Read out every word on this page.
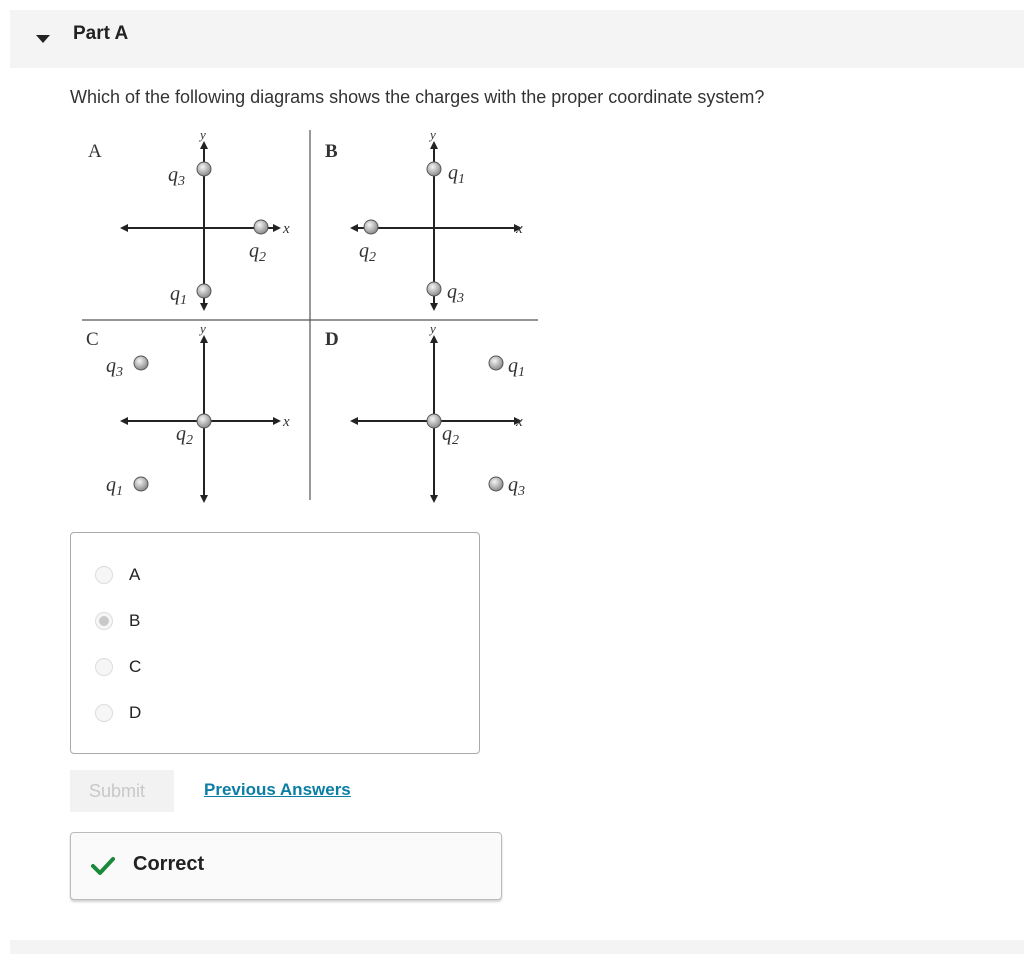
Part A
Which of the following diagrams shows the charges with the proper coordinate system?
A	B
C	D
y
x
$q_3$
$q_2$
$q_1$
y
x
$q_1$
$q_2$
$q_3$
y
x
$q_3$
$q_2$
$q_1$
y
x
$q_1$
$q_2$
$q_3$
A
B
C
D
Submit	Previous Answers
Correct
